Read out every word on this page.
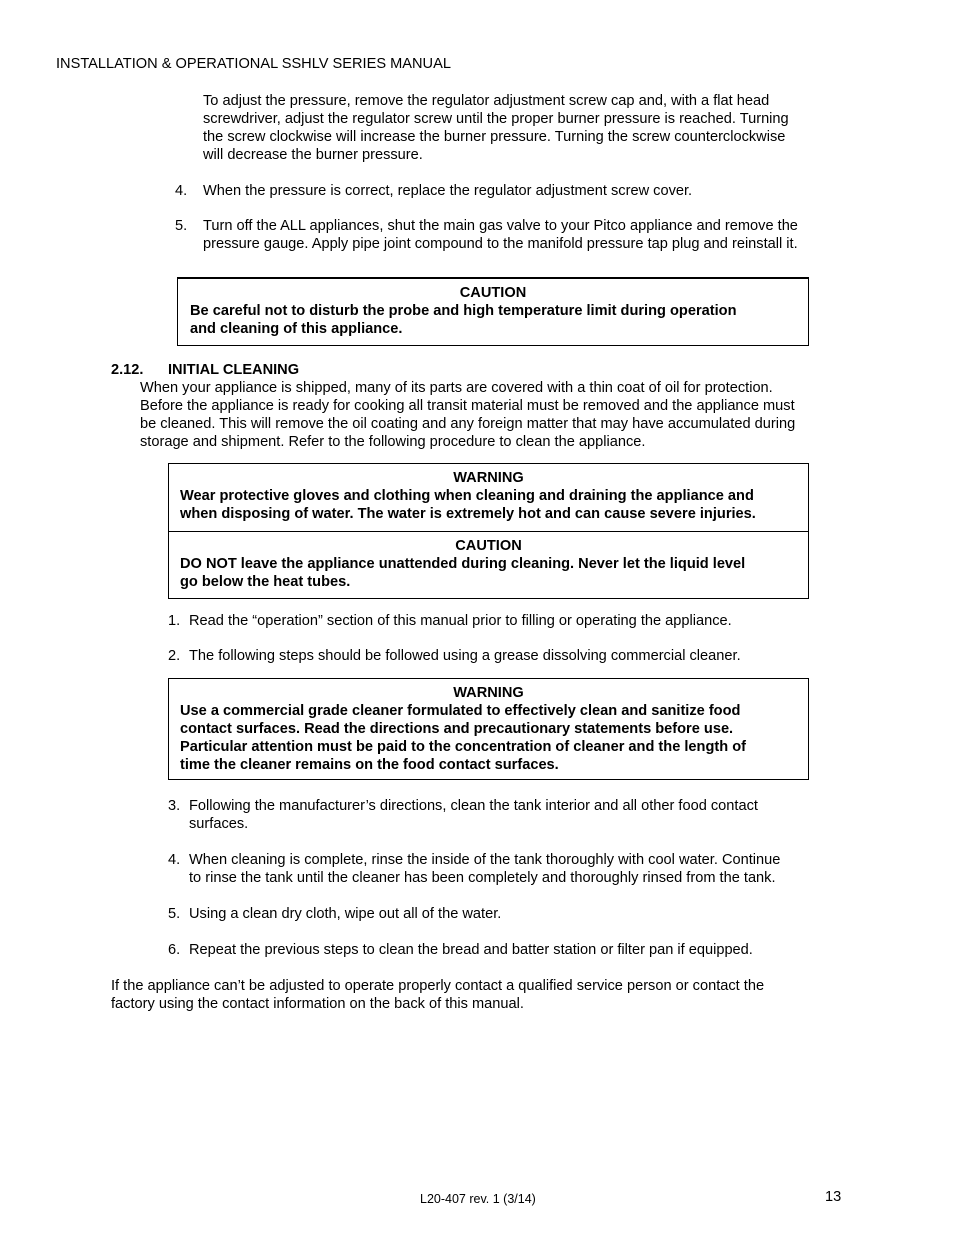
INSTALLATION & OPERATIONAL SSHLV SERIES MANUAL
To adjust the pressure, remove the regulator adjustment screw cap and, with a flat head
screwdriver, adjust the regulator screw until the proper burner pressure is reached. Turning
the screw clockwise will increase the burner pressure. Turning the screw counterclockwise
will decrease the burner pressure.
4. When the pressure is correct, replace the regulator adjustment screw cover.
5. Turn off the ALL appliances, shut the main gas valve to your Pitco appliance and remove the
pressure gauge. Apply pipe joint compound to the manifold pressure tap plug and reinstall it.
CAUTION
Be careful not to disturb the probe and high temperature limit during operation
and cleaning of this appliance.
2.12. INITIAL CLEANING
When your appliance is shipped, many of its parts are covered with a thin coat of oil for protection.
Before the appliance is ready for cooking all transit material must be removed and the appliance must
be cleaned. This will remove the oil coating and any foreign matter that may have accumulated during
storage and shipment. Refer to the following procedure to clean the appliance.
WARNING
Wear protective gloves and clothing when cleaning and draining the appliance and
when disposing of water. The water is extremely hot and can cause severe injuries.
CAUTION
DO NOT leave the appliance unattended during cleaning. Never let the liquid level
go below the heat tubes.
1. Read the “operation” section of this manual prior to filling or operating the appliance.
2. The following steps should be followed using a grease dissolving commercial cleaner.
WARNING
Use a commercial grade cleaner formulated to effectively clean and sanitize food
contact surfaces. Read the directions and precautionary statements before use.
Particular attention must be paid to the concentration of cleaner and the length of
time the cleaner remains on the food contact surfaces.
3. Following the manufacturer’s directions, clean the tank interior and all other food contact
surfaces.
4. When cleaning is complete, rinse the inside of the tank thoroughly with cool water. Continue
to rinse the tank until the cleaner has been completely and thoroughly rinsed from the tank.
5. Using a clean dry cloth, wipe out all of the water.
6. Repeat the previous steps to clean the bread and batter station or filter pan if equipped.
If the appliance can’t be adjusted to operate properly contact a qualified service person or contact the
factory using the contact information on the back of this manual.
L20-407 rev. 1 (3/14)	13
